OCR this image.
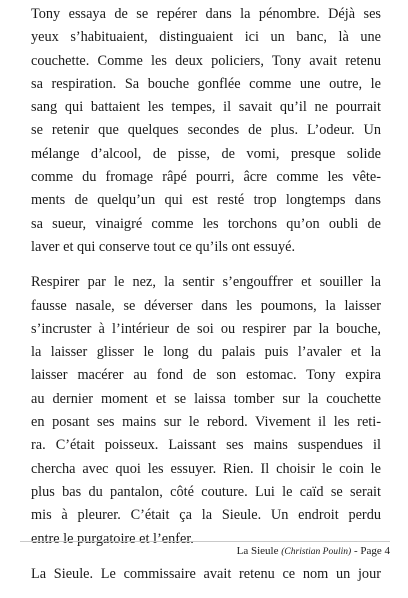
Tony essaya de se repérer dans la pénombre. Déjà ses
yeux s’habituaient, distinguaient ici un banc, là une
couchette. Comme les deux policiers, Tony avait retenu
sa respiration. Sa bouche gonflée comme une outre, le
sang qui battaient les tempes, il savait qu’il ne pourrait
se retenir que quelques secondes de plus. L’odeur. Un
mélange d’alcool, de pisse, de vomi, presque solide
comme du fromage râpé pourri, âcre comme les vête-
ments de quelqu’un qui est resté trop longtemps dans
sa sueur, vinaigré comme les torchons qu’on oubli de
laver et qui conserve tout ce qu’ils ont essuyé.

Respirer par le nez, la sentir s’engouffrer et souiller la
fausse nasale, se déverser dans les poumons, la laisser
s’incruster à l’intérieur de soi ou respirer par la bouche,
la laisser glisser le long du palais puis l’avaler et la
laisser macérer au fond de son estomac. Tony expira
au dernier moment et se laissa tomber sur la couchette
en posant ses mains sur le rebord. Vivement il les reti-
ra. C’était poisseux. Laissant ses mains suspendues il
chercha avec quoi les essuyer. Rien. Il choisir le coin le
plus bas du pantalon, côté couture. Lui le caïd se serait
mis à pleurer. C’était ça la Sieule. Un endroit perdu
entre le purgatoire et l’enfer.

La Sieule. Le commissaire avait retenu ce nom un jour

La Sieule (Christian Poulin) - Page 4
